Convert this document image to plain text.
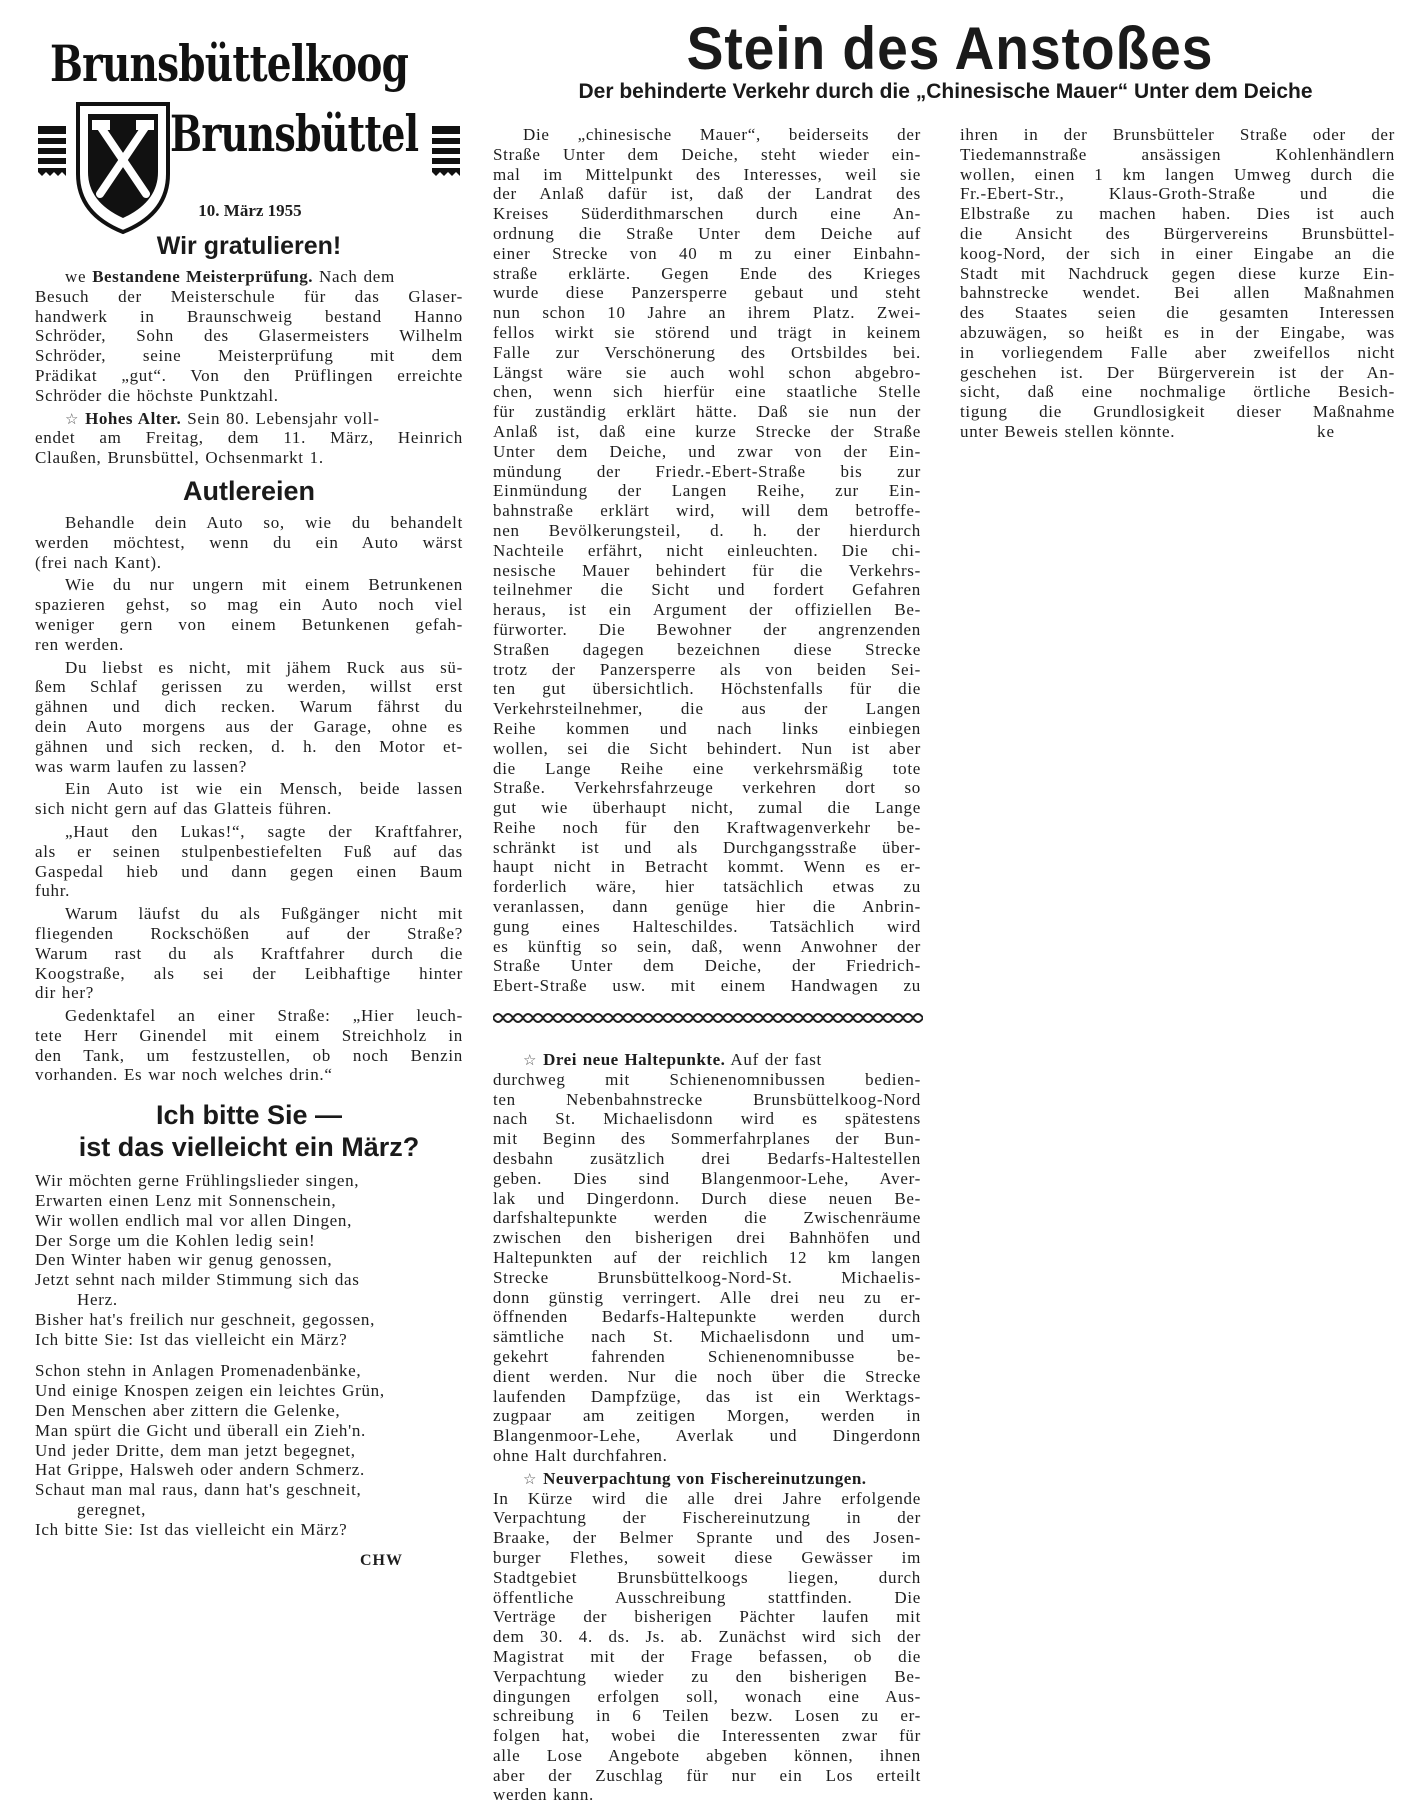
Brunsbüttelkoog
Brunsbüttel
10. März 1955
Wir gratulieren!
we Bestandene Meisterprüfung. Nach dem
Besuch der Meisterschule für das Glaser-
handwerk in Braunschweig bestand Hanno
Schröder, Sohn des Glasermeisters Wilhelm
Schröder, seine Meisterprüfung mit dem
Prädikat „gut“. Von den Prüflingen erreichte
Schröder die höchste Punktzahl.
☆ Hohes Alter. Sein 80. Lebensjahr voll-
endet am Freitag, dem 11. März, Heinrich
Claußen, Brunsbüttel, Ochsenmarkt 1.
Autlereien
Behandle dein Auto so, wie du behandelt
werden möchtest, wenn du ein Auto wärst
(frei nach Kant).
Wie du nur ungern mit einem Betrunkenen
spazieren gehst, so mag ein Auto noch viel
weniger gern von einem Betunkenen gefah-
ren werden.
Du liebst es nicht, mit jähem Ruck aus sü-
ßem Schlaf gerissen zu werden, willst erst
gähnen und dich recken. Warum fährst du
dein Auto morgens aus der Garage, ohne es
gähnen und sich recken, d. h. den Motor et-
was warm laufen zu lassen?
Ein Auto ist wie ein Mensch, beide lassen
sich nicht gern auf das Glatteis führen.
„Haut den Lukas!“, sagte der Kraftfahrer,
als er seinen stulpenbestiefelten Fuß auf das
Gaspedal hieb und dann gegen einen Baum
fuhr.
Warum läufst du als Fußgänger nicht mit
fliegenden Rockschößen auf der Straße?
Warum rast du als Kraftfahrer durch die
Koogstraße, als sei der Leibhaftige hinter
dir her?
Gedenktafel an einer Straße: „Hier leuch-
tete Herr Ginendel mit einem Streichholz in
den Tank, um festzustellen, ob noch Benzin
vorhanden. Es war noch welches drin.“
Ich bitte Sie —
ist das vielleicht ein März?
Wir möchten gerne Frühlingslieder singen,
Erwarten einen Lenz mit Sonnenschein,
Wir wollen endlich mal vor allen Dingen,
Der Sorge um die Kohlen ledig sein!
Den Winter haben wir genug genossen,
Jetzt sehnt nach milder Stimmung sich das
Herz.
Bisher hat's freilich nur geschneit, gegossen,
Ich bitte Sie: Ist das vielleicht ein März?
Schon stehn in Anlagen Promenadenbänke,
Und einige Knospen zeigen ein leichtes Grün,
Den Menschen aber zittern die Gelenke,
Man spürt die Gicht und überall ein Zieh'n.
Und jeder Dritte, dem man jetzt begegnet,
Hat Grippe, Halsweh oder andern Schmerz.
Schaut man mal raus, dann hat's geschneit,
geregnet,
Ich bitte Sie: Ist das vielleicht ein März?
CHW
Stein des Anstoßes
Der behinderte Verkehr durch die „Chinesische Mauer“ Unter dem Deiche
Die „chinesische Mauer“, beiderseits der
Straße Unter dem Deiche, steht wieder ein-
mal im Mittelpunkt des Interesses, weil sie
der Anlaß dafür ist, daß der Landrat des
Kreises Süderdithmarschen durch eine An-
ordnung die Straße Unter dem Deiche auf
einer Strecke von 40 m zu einer Einbahn-
straße erklärte. Gegen Ende des Krieges
wurde diese Panzersperre gebaut und steht
nun schon 10 Jahre an ihrem Platz. Zwei-
fellos wirkt sie störend und trägt in keinem
Falle zur Verschönerung des Ortsbildes bei.
Längst wäre sie auch wohl schon abgebro-
chen, wenn sich hierfür eine staatliche Stelle
für zuständig erklärt hätte. Daß sie nun der
Anlaß ist, daß eine kurze Strecke der Straße
Unter dem Deiche, und zwar von der Ein-
mündung der Friedr.-Ebert-Straße bis zur
Einmündung der Langen Reihe, zur Ein-
bahnstraße erklärt wird, will dem betroffe-
nen Bevölkerungsteil, d. h. der hierdurch
Nachteile erfährt, nicht einleuchten. Die chi-
nesische Mauer behindert für die Verkehrs-
teilnehmer die Sicht und fordert Gefahren
heraus, ist ein Argument der offiziellen Be-
fürworter. Die Bewohner der angrenzenden
Straßen dagegen bezeichnen diese Strecke
trotz der Panzersperre als von beiden Sei-
ten gut übersichtlich. Höchstenfalls für die
Verkehrsteilnehmer, die aus der Langen
Reihe kommen und nach links einbiegen
wollen, sei die Sicht behindert. Nun ist aber
die Lange Reihe eine verkehrsmäßig tote
Straße. Verkehrsfahrzeuge verkehren dort so
gut wie überhaupt nicht, zumal die Lange
Reihe noch für den Kraftwagenverkehr be-
schränkt ist und als Durchgangsstraße über-
haupt nicht in Betracht kommt. Wenn es er-
forderlich wäre, hier tatsächlich etwas zu
veranlassen, dann genüge hier die Anbrin-
gung eines Halteschildes. Tatsächlich wird
es künftig so sein, daß, wenn Anwohner der
Straße Unter dem Deiche, der Friedrich-
Ebert-Straße usw. mit einem Handwagen zu
ihren in der Brunsbütteler Straße oder der
Tiedemannstraße ansässigen Kohlenhändlern
wollen, einen 1 km langen Umweg durch die
Fr.-Ebert-Str., Klaus-Groth-Straße und die
Elbstraße zu machen haben. Dies ist auch
die Ansicht des Bürgervereins Brunsbüttel-
koog-Nord, der sich in einer Eingabe an die
Stadt mit Nachdruck gegen diese kurze Ein-
bahnstrecke wendet. Bei allen Maßnahmen
des Staates seien die gesamten Interessen
abzuwägen, so heißt es in der Eingabe, was
in vorliegendem Falle aber zweifellos nicht
geschehen ist. Der Bürgerverein ist der An-
sicht, daß eine nochmalige örtliche Besich-
tigung die Grundlosigkeit dieser Maßnahme
unter Beweis stellen könnte.	ke
☆ Drei neue Haltepunkte. Auf der fast
durchweg mit Schienenomnibussen bedien-
ten Nebenbahnstrecke Brunsbüttelkoog-Nord
nach St. Michaelisdonn wird es spätestens
mit Beginn des Sommerfahrplanes der Bun-
desbahn zusätzlich drei Bedarfs-Haltestellen
geben. Dies sind Blangenmoor-Lehe, Aver-
lak und Dingerdonn. Durch diese neuen Be-
darfshaltepunkte werden die Zwischenräume
zwischen den bisherigen drei Bahnhöfen und
Haltepunkten auf der reichlich 12 km langen
Strecke Brunsbüttelkoog-Nord-St. Michaelis-
donn günstig verringert. Alle drei neu zu er-
öffnenden Bedarfs-Haltepunkte werden durch
sämtliche nach St. Michaelisdonn und um-
gekehrt fahrenden Schienenomnibusse be-
dient werden. Nur die noch über die Strecke
laufenden Dampfzüge, das ist ein Werktags-
zugpaar am zeitigen Morgen, werden in
Blangenmoor-Lehe, Averlak und Dingerdonn
ohne Halt durchfahren.
☆ Neuverpachtung von Fischereinutzungen.
In Kürze wird die alle drei Jahre erfolgende
Verpachtung der Fischereinutzung in der
Braake, der Belmer Sprante und des Josen-
burger Flethes, soweit diese Gewässer im
Stadtgebiet Brunsbüttelkoogs liegen, durch
öffentliche Ausschreibung stattfinden. Die
Verträge der bisherigen Pächter laufen mit
dem 30. 4. ds. Js. ab. Zunächst wird sich der
Magistrat mit der Frage befassen, ob die
Verpachtung wieder zu den bisherigen Be-
dingungen erfolgen soll, wonach eine Aus-
schreibung in 6 Teilen bezw. Losen zu er-
folgen hat, wobei die Interessenten zwar für
alle Lose Angebote abgeben können, ihnen
aber der Zuschlag für nur ein Los erteilt
werden kann.
